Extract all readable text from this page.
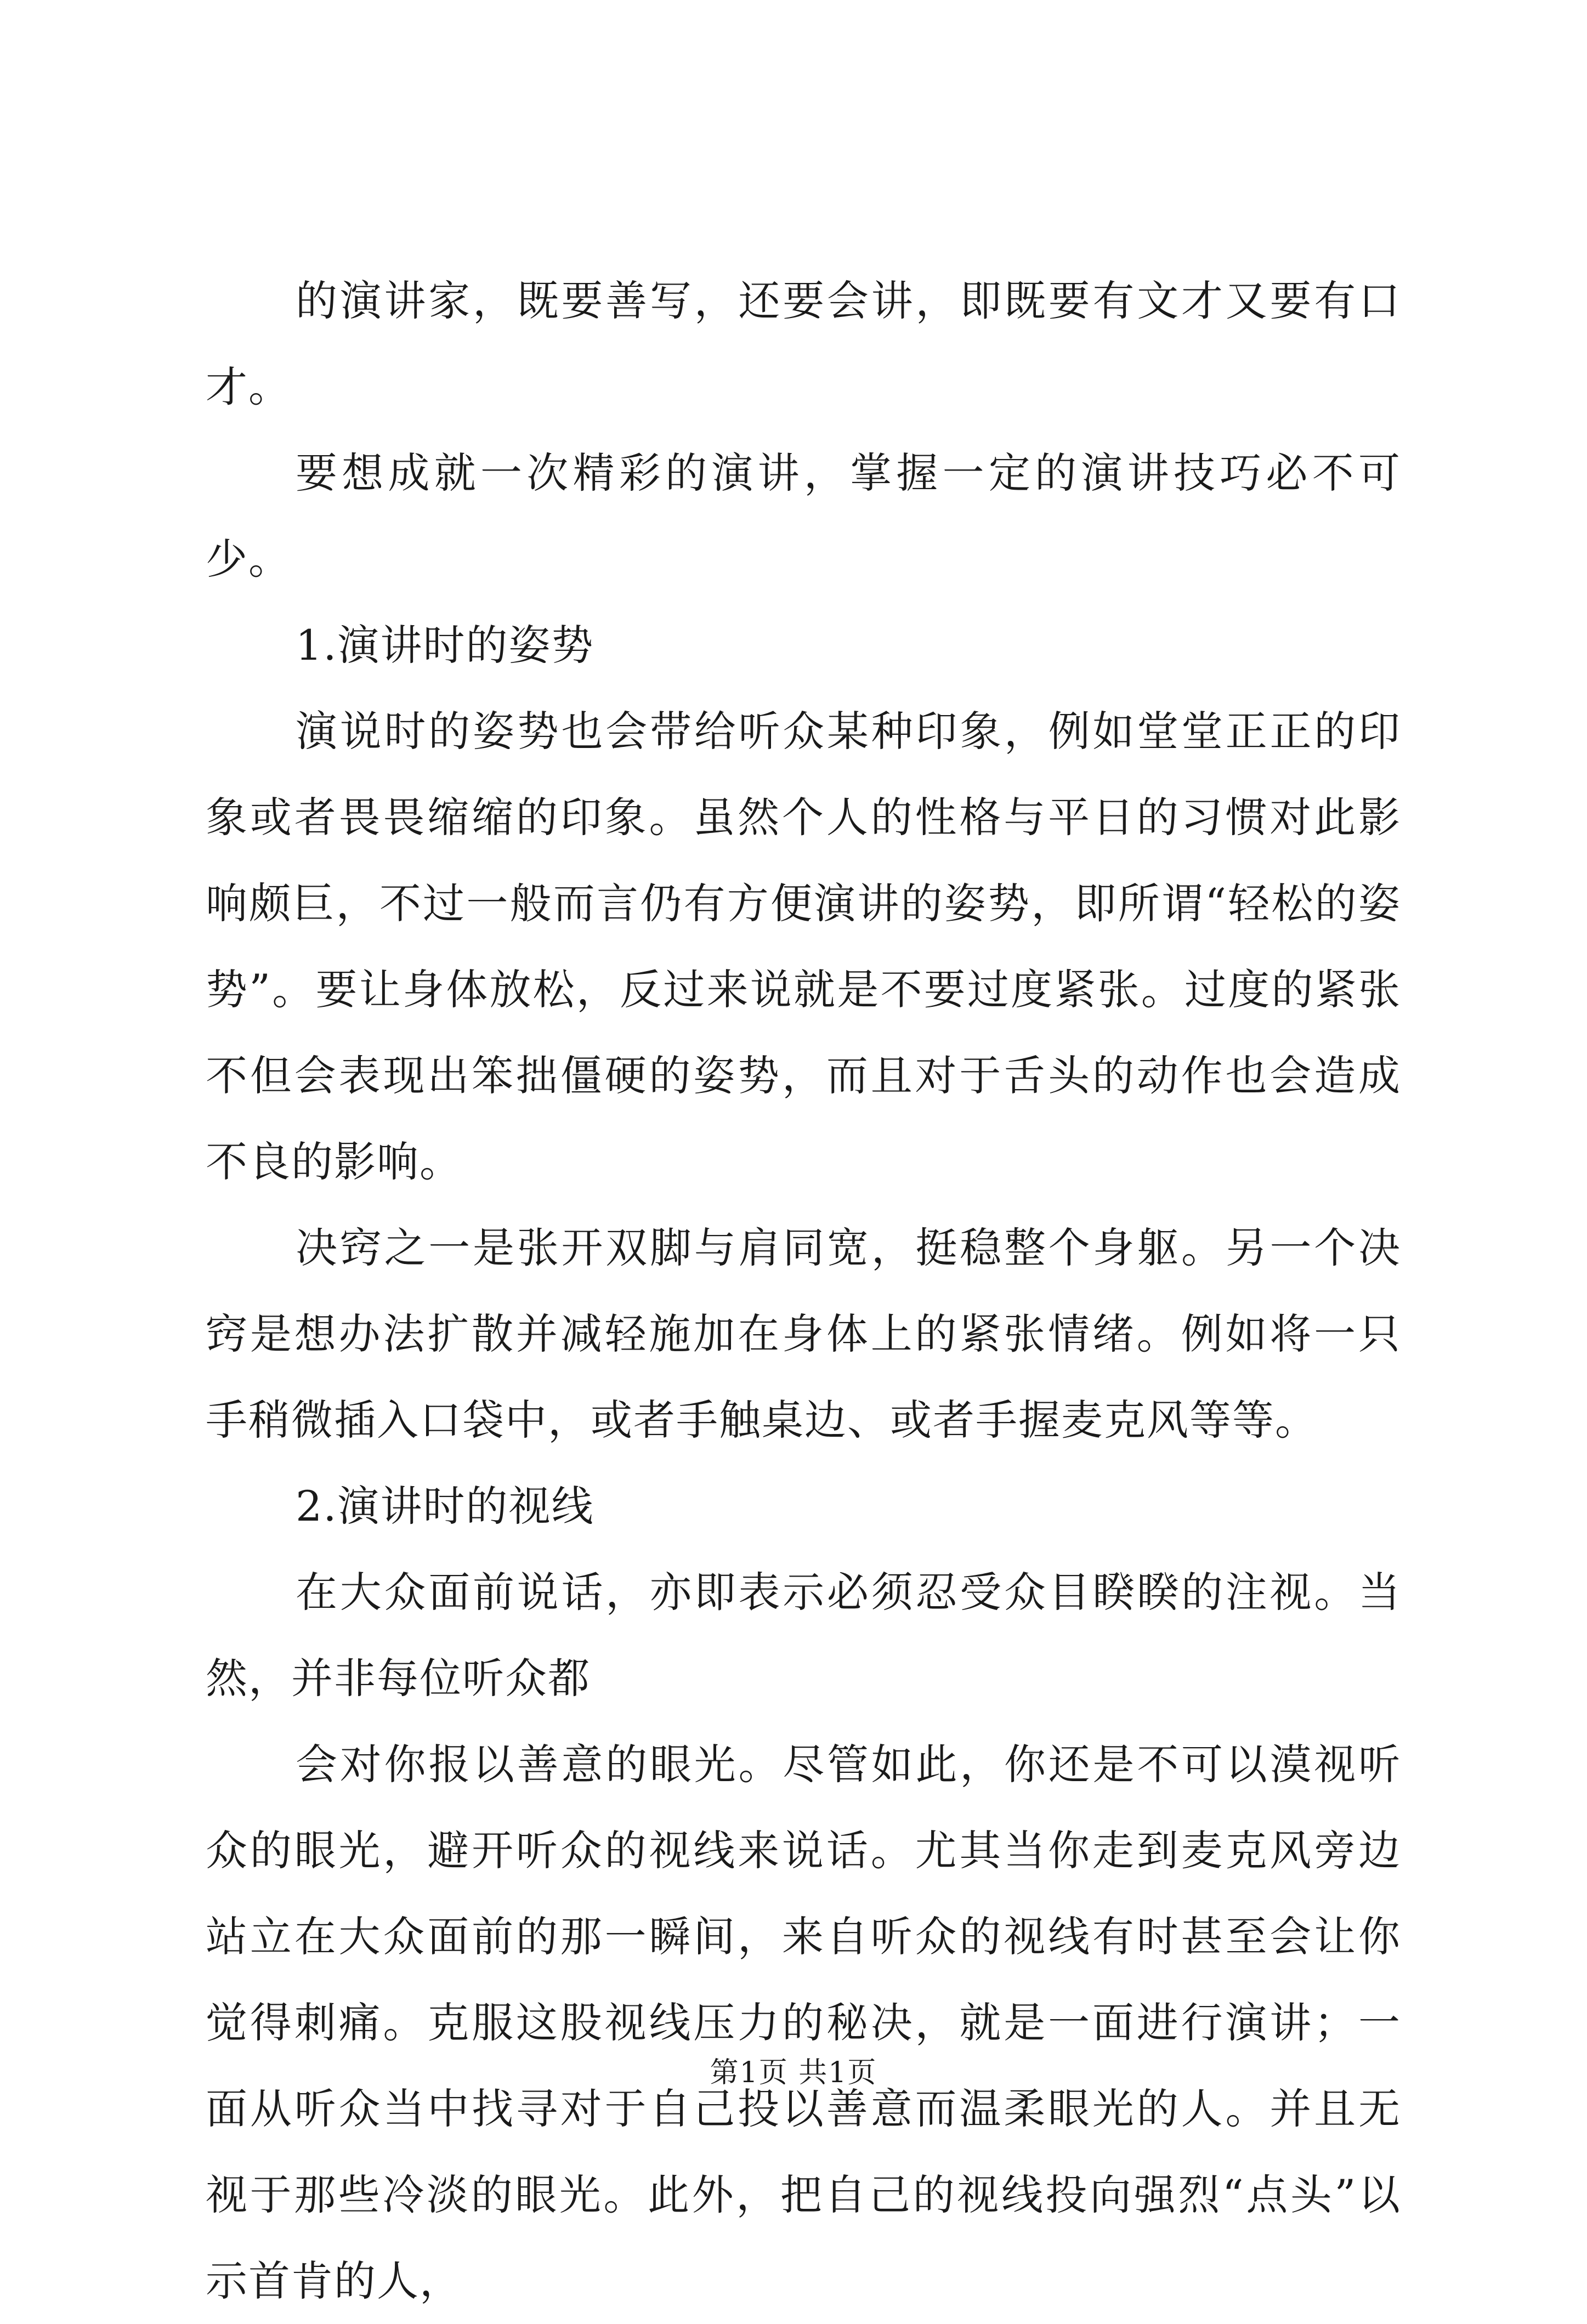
的演讲家，既要善写，还要会讲，即既要有文才又要有口才。

要想成就一次精彩的演讲，掌握一定的演讲技巧必不可少。

1.演讲时的姿势

演说时的姿势也会带给听众某种印象，例如堂堂正正的印象或者畏畏缩缩的印象。虽然个人的性格与平日的习惯对此影响颇巨，不过一般而言仍有方便演讲的姿势，即所谓“轻松的姿势”。要让身体放松，反过来说就是不要过度紧张。过度的紧张不但会表现出笨拙僵硬的姿势，而且对于舌头的动作也会造成不良的影响。

决窍之一是张开双脚与肩同宽，挺稳整个身躯。另一个决窍是想办法扩散并减轻施加在身体上的紧张情绪。例如将一只手稍微插入口袋中，或者手触桌边、或者手握麦克风等等。

2.演讲时的视线

在大众面前说话，亦即表示必须忍受众目睽睽的注视。当然，并非每位听众都

会对你报以善意的眼光。尽管如此，你还是不可以漠视听众的眼光，避开听众的视线来说话。尤其当你走到麦克风旁边站立在大众面前的那一瞬间，来自听众的视线有时甚至会让你觉得刺痛。克服这股视线压力的秘决，就是一面进行演讲；一面从听众当中找寻对于自己投以善意而温柔眼光的人。并且无视于那些冷淡的眼光。此外，把自己的视线投向强烈“点头”以示首肯的人，

第1页 共1页
